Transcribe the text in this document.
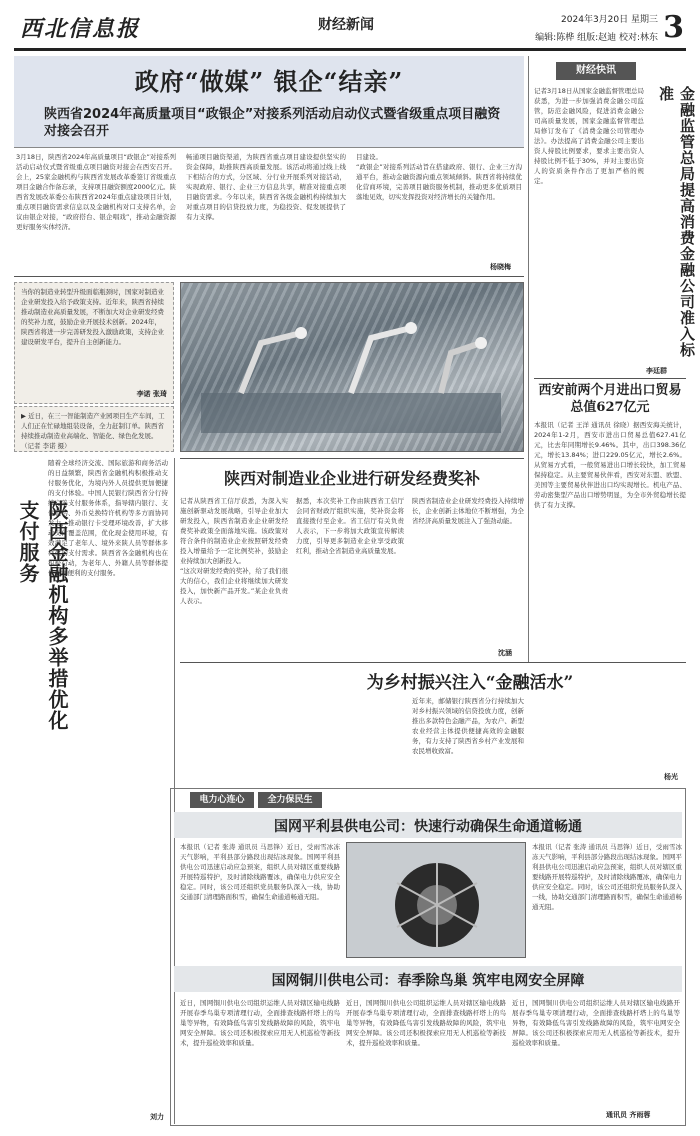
西北信息报	财经新闻	2024年3月20日 星期三
编辑:陈桦 组版:赵迪 校对:林东 3
政府“做媒” 银企“结亲”
陕西省2024年高质量项目“政银企”对接系列活动启动仪式暨省级重点项目融资对接会召开
3月18日，陕西省2024年高质量项目“政银企”对接系列活动启动仪式暨省级重点项目融资对接会在西安召开。会上，25家金融机构与陕西省发展改革委签订省级重点项目金融合作备忘录，支持项目融资额度2000亿元。陕西省发展改革委公布陕西省2024年重点建设项目计划，重点项目融资需求信息以及金融机构对口支持名单，会议由银企对接，“政府搭台、银企唱戏”，推动金融资源更好服务实体经济。
畅通项目融资渠道，为陕西省重点项目建设提供坚实的资金保障，助推陕西高质量发展。该活动将通过线上线下相结合的方式，分区域、分行业开展系列对接活动，实现政府、银行、企业三方信息共享，精准对接重点项目融资需求。今年以来，陕西省各级金融机构持续加大对重点项目的信贷投放力度，为稳投资、促发展提供了有力支撑。
目建设。
“政银企”对接系列活动旨在搭建政府、银行、企业三方沟通平台，推动金融资源向重点领域倾斜。陕西省将持续优化营商环境，完善项目融资服务机制，推动更多优质项目落地见效，切实发挥投资对经济增长的关键作用。
杨晓梅
当你的制造业转型升级面临瓶颈时，国家对制造业企业研发投入给予政策支持。近年来，陕西省持续推动制造业高质量发展，不断加大对企业研发经费的奖补力度，鼓励企业开展技术创新。2024年，陕西省将进一步完善研发投入激励政策，支持企业建设研发平台，提升自主创新能力。
李诺 张琦
▶ 近日，在三一智能制造产业园项目生产车间，工人们正在忙碌地组装设备，全力赶制订单。陕西省持续推动制造业高端化、智能化、绿色化发展。（记者 李诺 摄）
陕西对制造业企业进行研发经费奖补
记者从陕西省工信厅获悉，为深入实施创新驱动发展战略，引导企业加大研发投入，陕西省制造业企业研发经费奖补政策全面落地实施。该政策对符合条件的制造业企业按照研发经费投入增量给予一定比例奖补，鼓励企业持续加大创新投入。
“这次对研发经费的奖补，给了我们很大的信心，我们企业将继续加大研发投入，加快新产品开发。”某企业负责人表示。
据悉，本次奖补工作由陕西省工信厅会同省财政厅组织实施，奖补资金将直接拨付至企业。省工信厅有关负责人表示，下一步将加大政策宣传解读力度，引导更多制造业企业享受政策红利，推动全省制造业高质量发展。
陕西省制造业企业研发经费投入持续增长，企业创新主体地位不断增强，为全省经济高质量发展注入了强劲动能。
沈涵
陕西金融机构多举措优化支付服务
随着全球经济交流、国际旅游和商务活动的日益频繁，陕西省金融机构积极推动支付服务优化，为境内外人员提供更加便捷的支付体验。中国人民银行陕西省分行持续完善支付服务体系，指导辖内银行、支付机构、外币兑换特许机构等多方面协同发力，推动银行卡受理环境改善，扩大移动支付覆盖范围，优化现金使用环境，有效满足了老年人、境外来陕人员等群体多样化的支付需求。陕西省各金融机构也在积极行动，为老年人、外籍人员等群体提供更加便利的支付服务。
刘力
为乡村振兴注入“金融活水”
近年来，邮储银行陕西省分行持续加大对乡村振兴领域的信贷投放力度，创新推出多款特色金融产品，为农户、新型农业经营主体提供便捷高效的金融服务，有力支持了陕西省乡村产业发展和农民增收致富。
杨光
财经快讯
记者3月18日从国家金融监督管理总局获悉，为进一步加强消费金融公司监管，防范金融风险，促进消费金融公司高质量发展，国家金融监督管理总局修订发布了《消费金融公司管理办法》。办法提高了消费金融公司主要出资人持股比例要求，要求主要出资人持股比例不低于30%，并对主要出资人的资质条件作出了更加严格的规定。	金融监管总局提高消费金融公司准入标准
李廷群
西安前两个月进出口贸易总值627亿元
本报讯（记者 王洋 通讯员 徐晓）据西安海关统计，2024年1-2月，西安市进出口贸易总值627.41亿元，比去年同期增长9.46%。其中，出口398.36亿元，增长13.84%；进口229.05亿元，增长2.6%。从贸易方式看，一般贸易进出口增长较快，加工贸易保持稳定。从主要贸易伙伴看，西安对东盟、欧盟、美国等主要贸易伙伴进出口均实现增长。机电产品、劳动密集型产品出口增势明显，为全市外贸稳增长提供了有力支撑。
电力心连心	全力保民生
国网平利县供电公司：快速行动确保生命通道畅通
本报讯（记者 张涛 通讯员 马思锋）近日，受雨雪冰冻天气影响，平利县部分路段出现结冰现象。国网平利县供电公司迅速启动应急预案，组织人员对辖区重要线路开展特巡特护，及时清除线路覆冰，确保电力供应安全稳定。同时，该公司还组织党员服务队深入一线，协助交通部门清理路面积雪，确保生命通道畅通无阻。
本报讯（记者 张涛 通讯员 马思锋）近日，受雨雪冰冻天气影响，平利县部分路段出现结冰现象。国网平利县供电公司迅速启动应急预案，组织人员对辖区重要线路开展特巡特护，及时清除线路覆冰，确保电力供应安全稳定。同时，该公司还组织党员服务队深入一线，协助交通部门清理路面积雪，确保生命通道畅通无阻。
国网铜川供电公司：春季除鸟巢 筑牢电网安全屏障
近日，国网铜川供电公司组织运维人员对辖区输电线路开展春季鸟巢专项清理行动，全面排查线路杆塔上的鸟巢等异物，有效降低鸟害引发线路故障的风险，筑牢电网安全屏障。该公司还积极探索应用无人机巡检等新技术，提升巡检效率和质量。
近日，国网铜川供电公司组织运维人员对辖区输电线路开展春季鸟巢专项清理行动，全面排查线路杆塔上的鸟巢等异物，有效降低鸟害引发线路故障的风险，筑牢电网安全屏障。该公司还积极探索应用无人机巡检等新技术，提升巡检效率和质量。
近日，国网铜川供电公司组织运维人员对辖区输电线路开展春季鸟巢专项清理行动，全面排查线路杆塔上的鸟巢等异物，有效降低鸟害引发线路故障的风险，筑牢电网安全屏障。该公司还积极探索应用无人机巡检等新技术，提升巡检效率和质量。
通讯员 齐雨蓉
